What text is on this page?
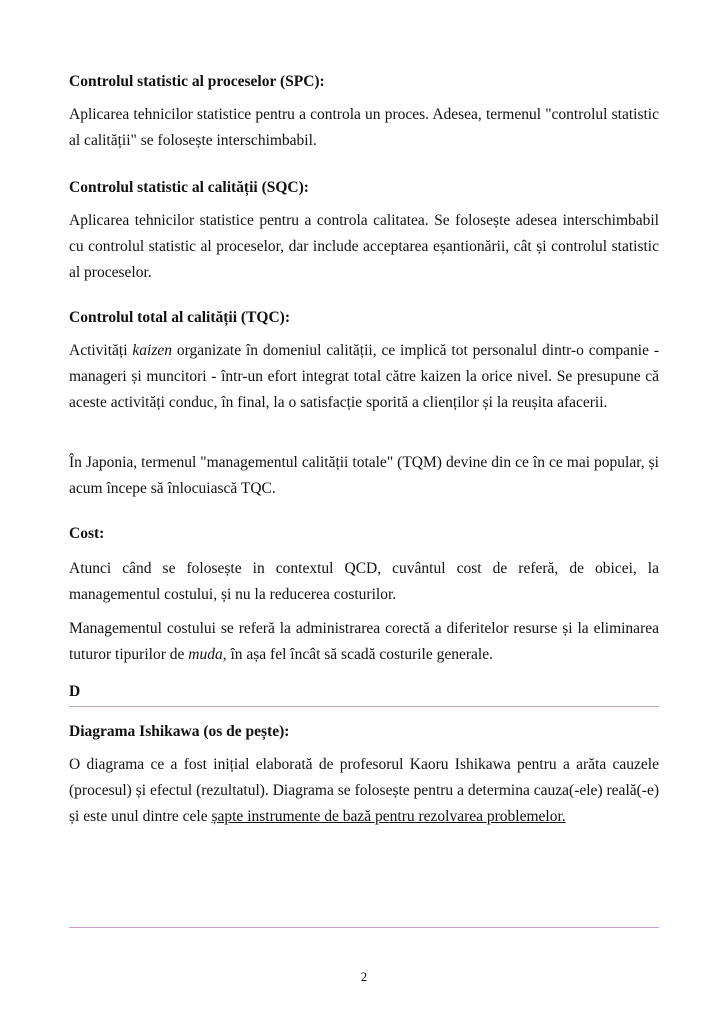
Controlul statistic al proceselor (SPC):

Aplicarea tehnicilor statistice pentru a controla un proces. Adesea, termenul "controlul statistic al calității" se folosește interschimbabil.

Controlul statistic al calității (SQC):

Aplicarea tehnicilor statistice pentru a controla calitatea. Se folosește adesea interschimbabil cu controlul statistic al proceselor, dar include acceptarea eșantionării, cât și controlul statistic al proceselor.

Controlul total al calității (TQC):

Activități kaizen organizate în domeniul calității, ce implică tot personalul dintr-o companie - manageri și muncitori - într-un efort integrat total către kaizen la orice nivel. Se presupune că aceste activități conduc, în final, la o satisfacție sporită a clienților și la reușita afacerii.

În Japonia, termenul "managementul calității totale" (TQM) devine din ce în ce mai popular, și acum începe să înlocuiască TQC.

Cost:

Atunci când se folosește in contextul QCD, cuvântul cost de referă, de obicei, la managementul costului, și nu la reducerea costurilor.

Managementul costului se referă la administrarea corectă a diferitelor resurse și la eliminarea tuturor tipurilor de muda, în așa fel încât să scadă costurile generale.

D

Diagrama Ishikawa (os de pește):

O diagrama ce a fost inițial elaborată de profesorul Kaoru Ishikawa pentru a arăta cauzele (procesul) și efectul (rezultatul). Diagrama se folosește pentru a determina cauza(-ele) reală(-e) și este unul dintre cele șapte instrumente de bază pentru rezolvarea problemelor.

2
